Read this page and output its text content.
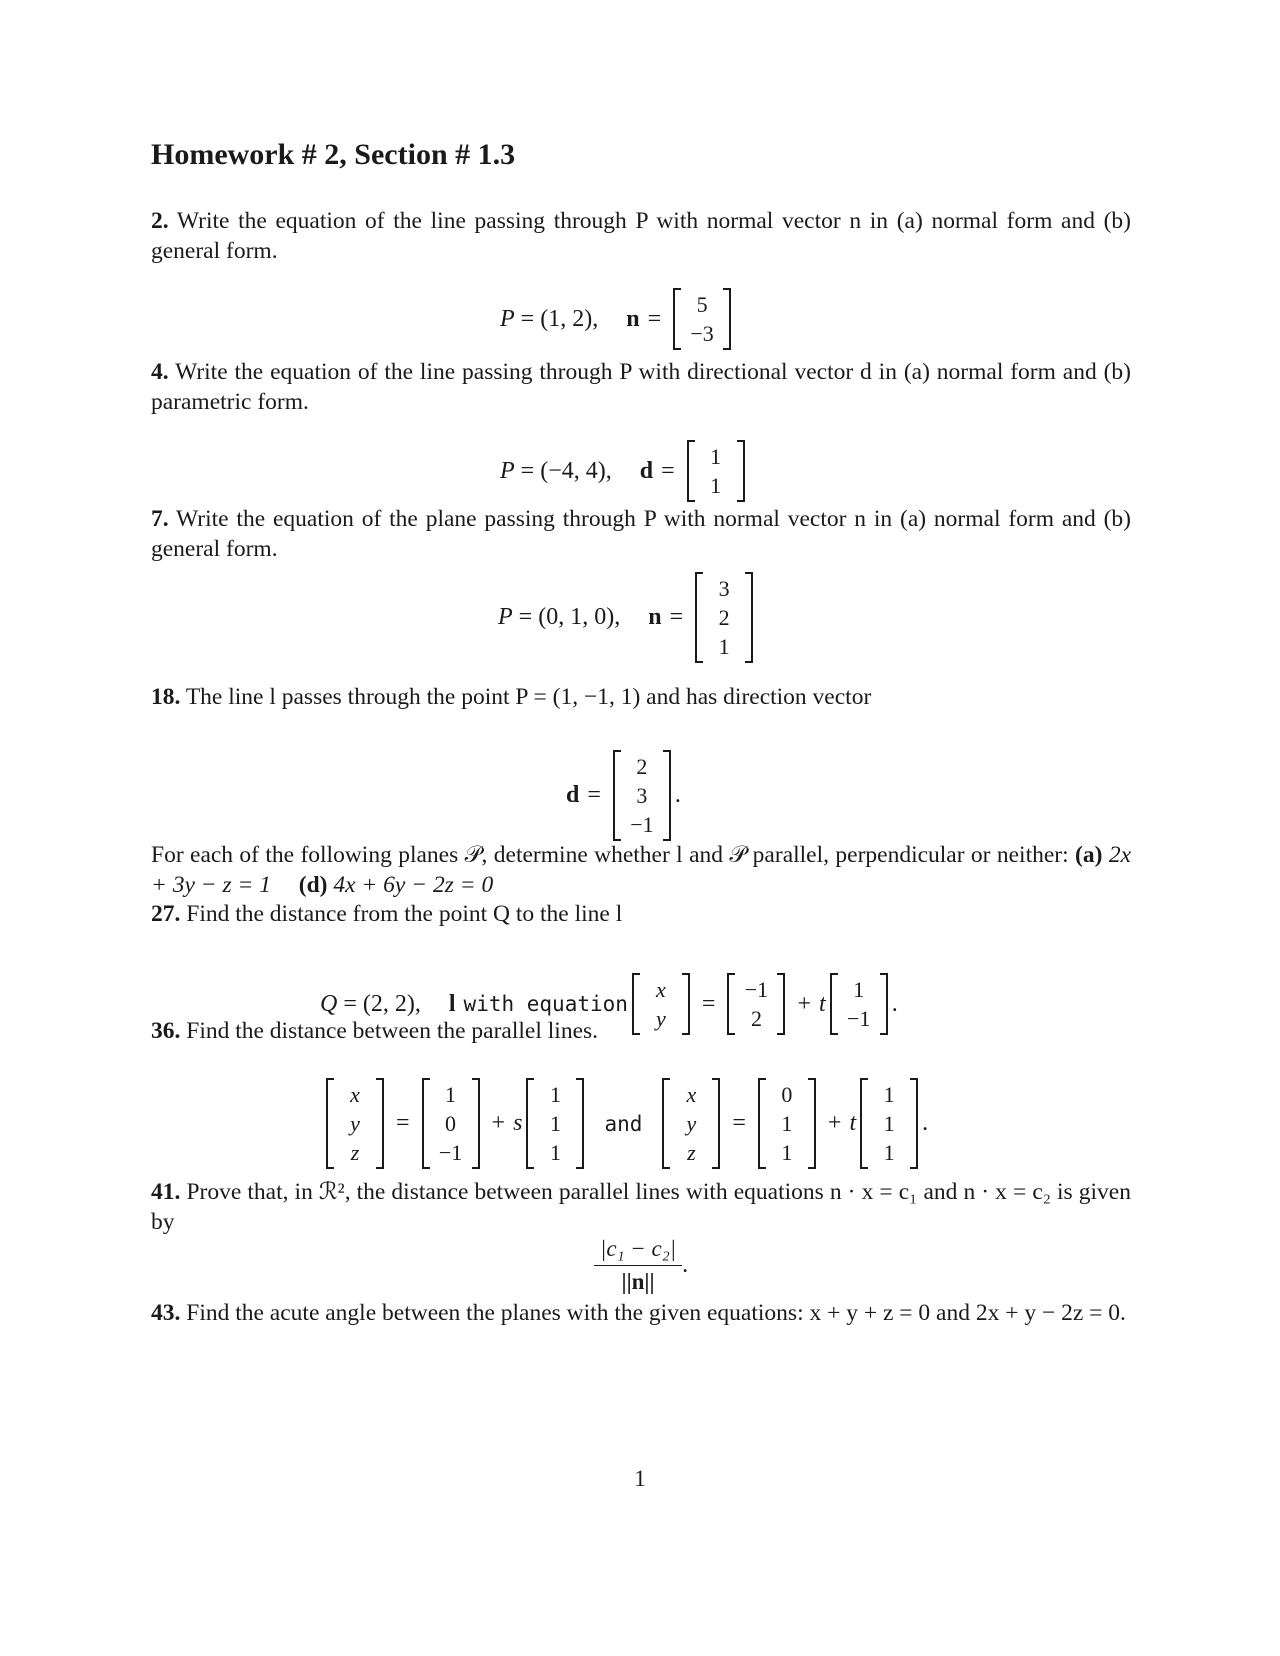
Homework # 2, Section # 1.3
2. Write the equation of the line passing through P with normal vector n in (a) normal form and (b) general form.
P = (1, 2), n =
5
−3
4. Write the equation of the line passing through P with directional vector d in (a) normal form and (b) parametric form.
P = (−4, 4), d =
1
1
7. Write the equation of the plane passing through P with normal vector n in (a) normal form and (b) general form.
P = (0, 1, 0), n =
3
2
1
18. The line l passes through the point P = (1, −1, 1) and has direction vector
d =
2
3
−1
.
For each of the following planes 𝒫, determine whether l and 𝒫 parallel, perpendicular or neither: (a) 2x + 3y − z = 1 (d) 4x + 6y − 2z = 0
27. Find the distance from the point Q to the line l
Q = (2, 2), l with equation
x
y
=
−1
2
+ t
1
−1
.
36. Find the distance between the parallel lines.
x
y
z
=
1
0
−1
+ s
1
1
1
and
x
y
z
=
0
1
1
+ t
1
1
1
.
41. Prove that, in ℛ², the distance between parallel lines with equations n · x = c₁ and n · x = c₂ is given by
$\frac{\text{|c₁ − c₂|}}{||n||}$ .
43. Find the acute angle between the planes with the given equations: x + y + z = 0 and 2x + y − 2z = 0.
1
